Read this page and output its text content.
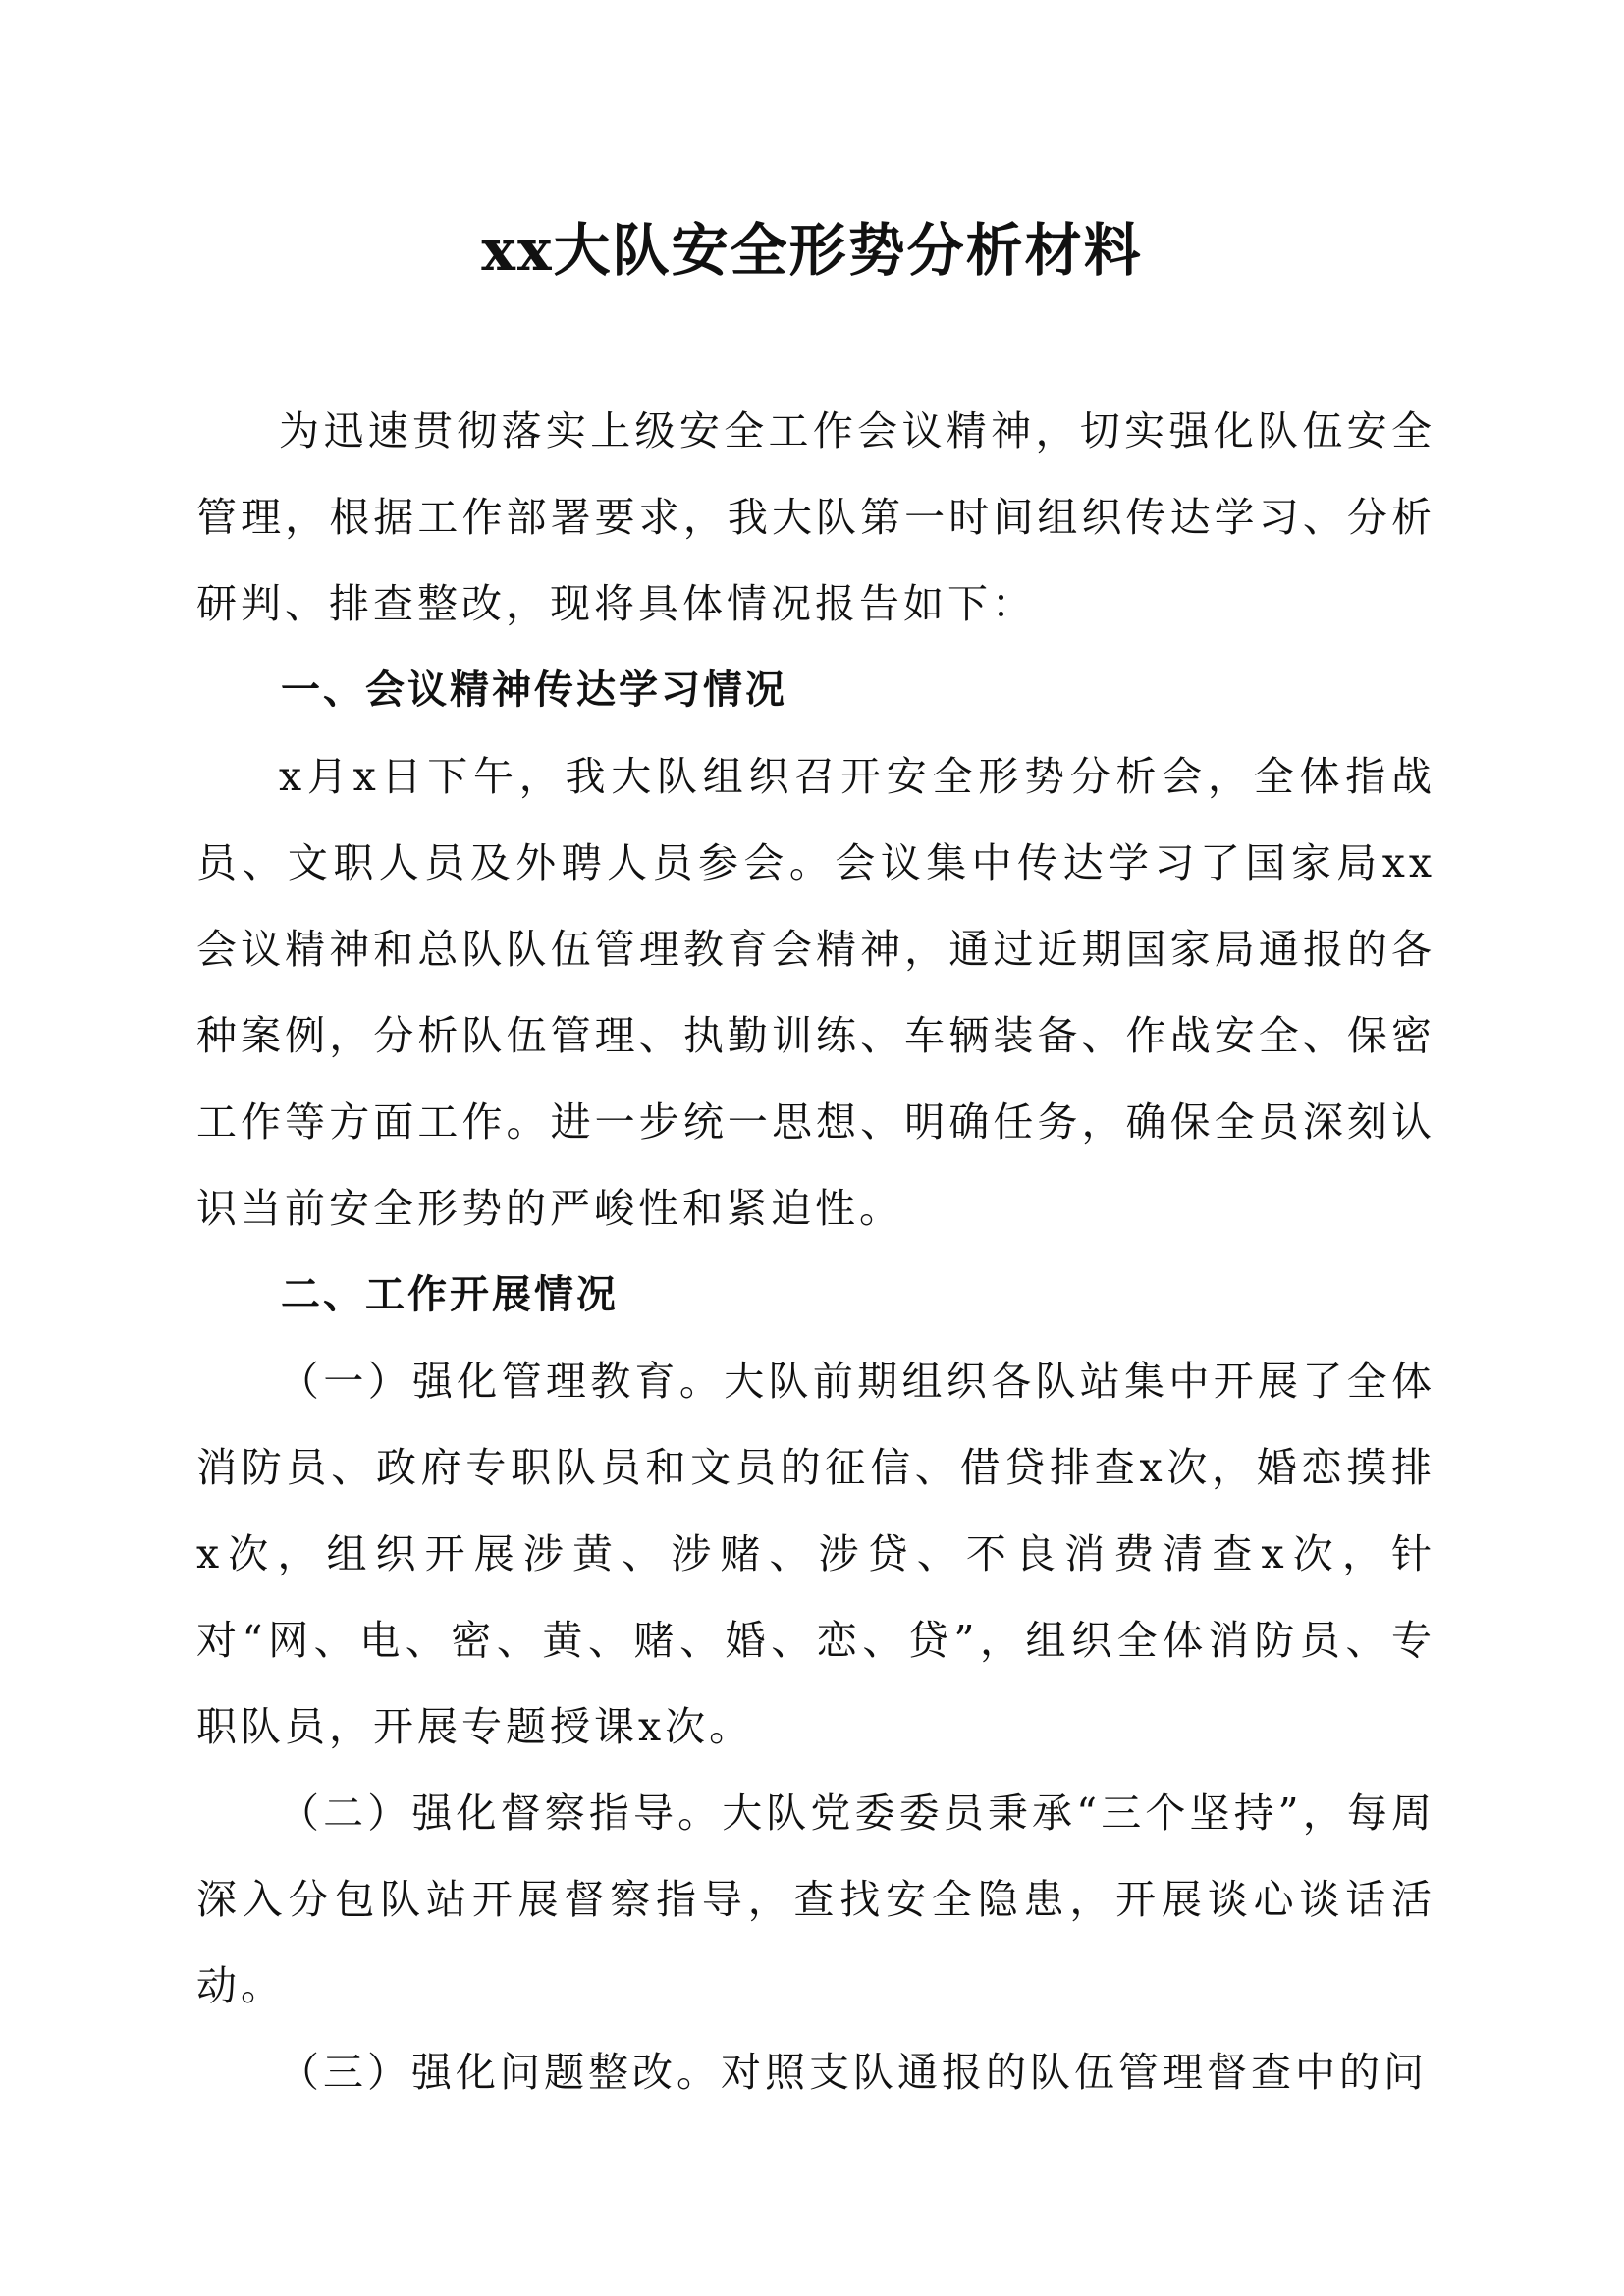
xx大队安全形势分析材料

为迅速贯彻落实上级安全工作会议精神，切实强化队伍安全管理，根据工作部署要求，我大队第一时间组织传达学习、分析研判、排查整改，现将具体情况报告如下：

一、会议精神传达学习情况

x月x日下午，我大队组织召开安全形势分析会，全体指战员、文职人员及外聘人员参会。会议集中传达学习了国家局xx会议精神和总队队伍管理教育会精神，通过近期国家局通报的各种案例，分析队伍管理、执勤训练、车辆装备、作战安全、保密工作等方面工作。进一步统一思想、明确任务，确保全员深刻认识当前安全形势的严峻性和紧迫性。

二、工作开展情况

（一）强化管理教育。大队前期组织各队站集中开展了全体消防员、政府专职队员和文员的征信、借贷排查x次，婚恋摸排x次，组织开展涉黄、涉赌、涉贷、不良消费清查x次，针对“网、电、密、黄、赌、婚、恋、贷”，组织全体消防员、专职队员，开展专题授课x次。

（二）强化督察指导。大队党委委员秉承“三个坚持”，每周深入分包队站开展督察指导，查找安全隐患，开展谈心谈话活动。

（三）强化问题整改。对照支队通报的队伍管理督查中的问
